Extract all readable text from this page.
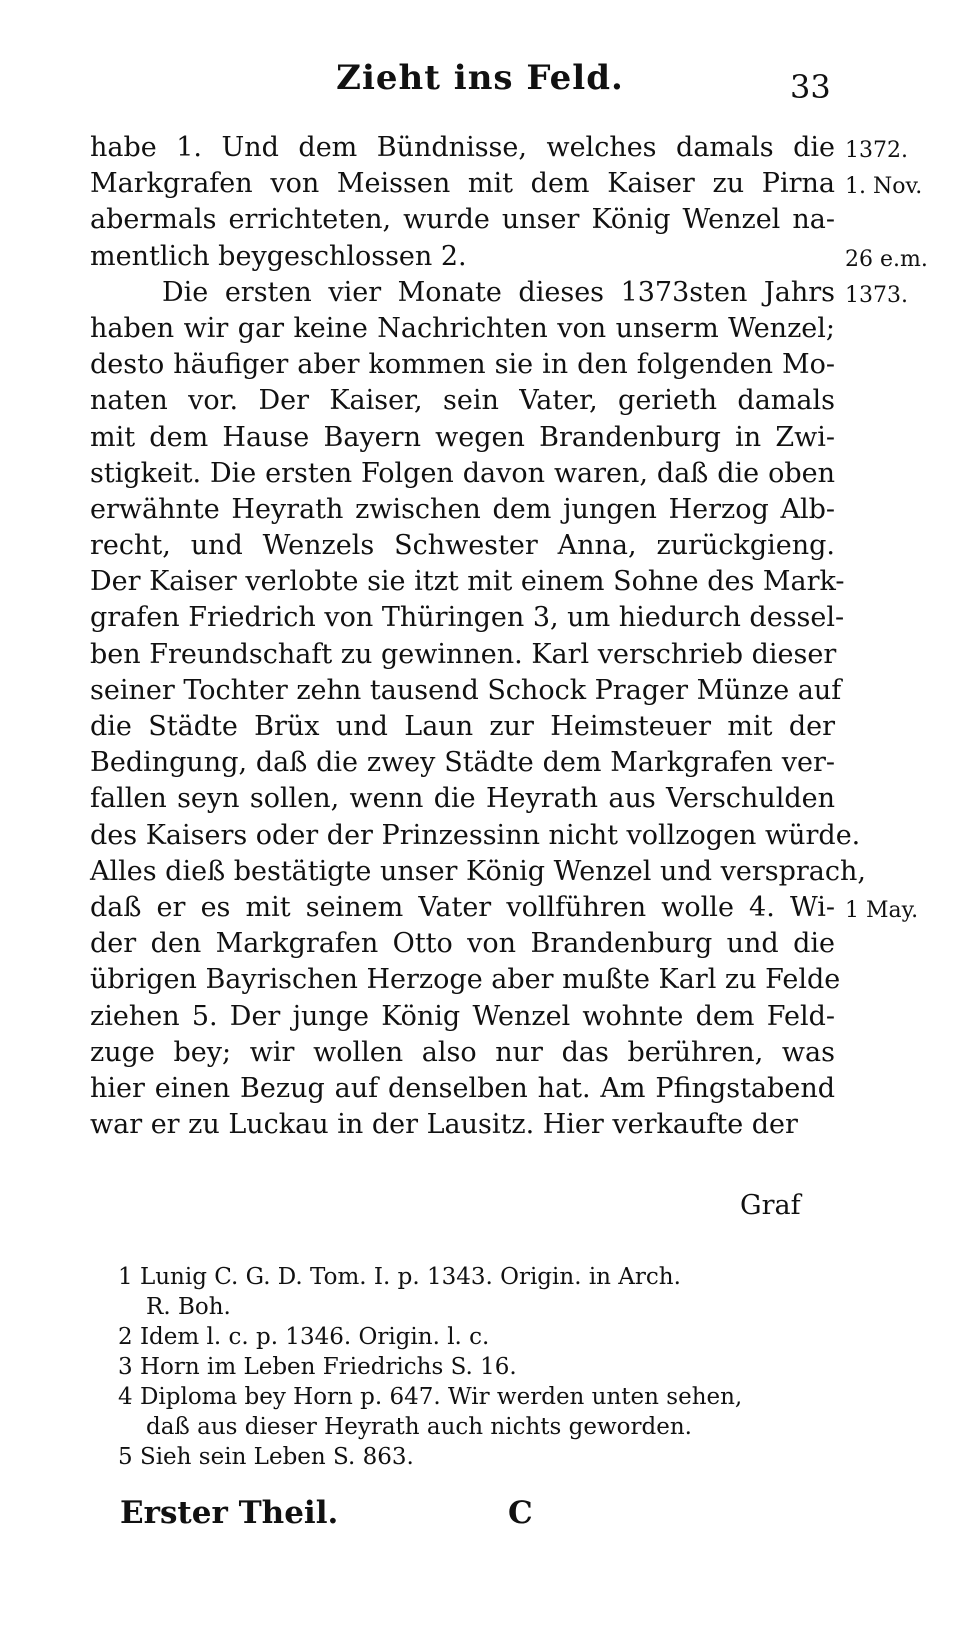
Zieht ins Feld.	33
habe 1. Und dem Bündnisse, welches damals die
Markgrafen von Meissen mit dem Kaiser zu Pirna
abermals errichteten, wurde unser König Wenzel na-
mentlich beygeschlossen 2.
Die ersten vier Monate dieses 1373sten Jahrs
haben wir gar keine Nachrichten von unserm Wenzel;
desto häufiger aber kommen sie in den folgenden Mo-
naten vor. Der Kaiser, sein Vater, gerieth damals
mit dem Hause Bayern wegen Brandenburg in Zwi-
stigkeit. Die ersten Folgen davon waren, daß die oben
erwähnte Heyrath zwischen dem jungen Herzog Alb-
recht, und Wenzels Schwester Anna, zurückgieng.
Der Kaiser verlobte sie itzt mit einem Sohne des Mark-
grafen Friedrich von Thüringen 3, um hiedurch dessel-
ben Freundschaft zu gewinnen. Karl verschrieb dieser
seiner Tochter zehn tausend Schock Prager Münze auf
die Städte Brüx und Laun zur Heimsteuer mit der
Bedingung, daß die zwey Städte dem Markgrafen ver-
fallen seyn sollen, wenn die Heyrath aus Verschulden
des Kaisers oder der Prinzessinn nicht vollzogen würde.
Alles dieß bestätigte unser König Wenzel und versprach,
daß er es mit seinem Vater vollführen wolle 4. Wi-
der den Markgrafen Otto von Brandenburg und die
übrigen Bayrischen Herzoge aber mußte Karl zu Felde
ziehen 5. Der junge König Wenzel wohnte dem Feld-
zuge bey; wir wollen also nur das berühren, was
hier einen Bezug auf denselben hat. Am Pfingstabend
war er zu Luckau in der Lausitz. Hier verkaufte der
1372.
1. Nov.
26 e.m.
1373.
1 May.
Graf
1 Lunig C. G. D. Tom. I. p. 1343. Origin. in Arch.
R. Boh.
2 Idem l. c. p. 1346. Origin. l. c.
3 Horn im Leben Friedrichs S. 16.
4 Diploma bey Horn p. 647. Wir werden unten sehen,
daß aus dieser Heyrath auch nichts geworden.
5 Sieh sein Leben S. 863.
Erster Theil.	C
